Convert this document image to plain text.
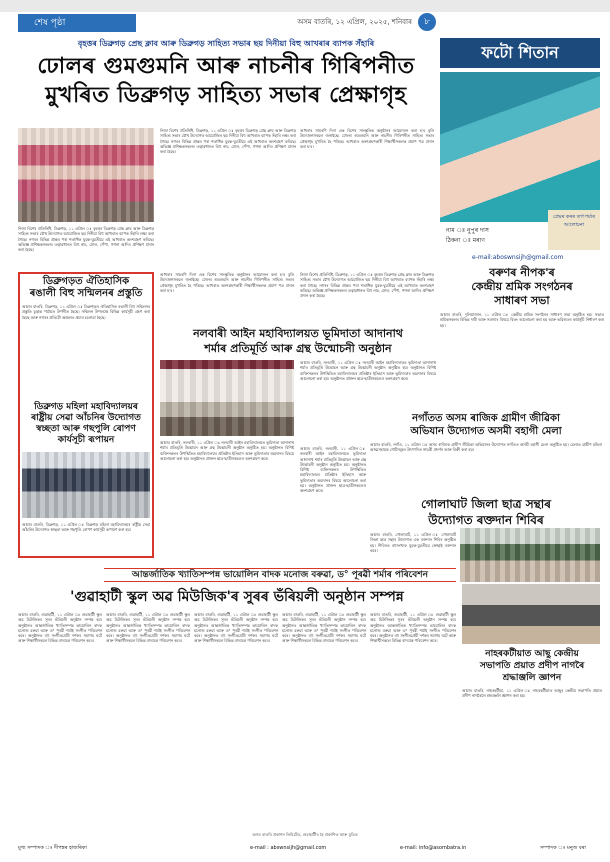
শেষ পৃষ্ঠা	অসম বাতৰি, ১২ এপ্ৰিল, ২০২৫, শনিবাৰ	৮
বৃহত্তৰ ডিব্ৰুগড় প্ৰেছ ক্লাব আৰু ডিব্ৰুগড় সাহিত্য সভাৰ ছয় দিনীয়া বিহু আখৰাৰ ব্যাপক সঁহাৰি
ঢোলৰ গুমগুমনি আৰু নাচনীৰ গিৰিপনীত
মুখৰিত ডিব্ৰুগড় সাহিত্য সভাৰ প্ৰেক্ষাগৃহ
নিজা বিশেষ প্ৰতিনিধি, ডিব্ৰুগড়, ১১ এপ্ৰিল ঃ বৃহত্তৰ ডিব্ৰুগড় প্ৰেছ ক্লাব আৰু ডিব্ৰুগড় সাহিত্য সভাৰ যৌথ উদ্যোগত আয়োজিত ছয় দিনীয়া বিহু আখৰাত ব্যাপক সঁহাৰি লক্ষ্য কৰা গৈছে। নগৰৰ বিভিন্ন প্ৰান্তৰ পৰা শতাধিক যুৱক-যুৱতীয়ে এই আখৰাত অংশগ্ৰহণ কৰিছে। অভিজ্ঞ প্ৰশিক্ষকসকলৰ তত্বাৱধানত বিহু নাচ, ঢোল, পেঁপা, গগনা আদিৰ প্ৰশিক্ষণ প্ৰদান কৰা হৈছে।
নিজা বিশেষ প্ৰতিনিধি, ডিব্ৰুগড়, ১১ এপ্ৰিল ঃ বৃহত্তৰ ডিব্ৰুগড় প্ৰেছ ক্লাব আৰু ডিব্ৰুগড় সাহিত্য সভাৰ যৌথ উদ্যোগত আয়োজিত ছয় দিনীয়া বিহু আখৰাত ব্যাপক সঁহাৰি লক্ষ্য কৰা গৈছে। নগৰৰ বিভিন্ন প্ৰান্তৰ পৰা শতাধিক যুৱক-যুৱতীয়ে এই আখৰাত অংশগ্ৰহণ কৰিছে। অভিজ্ঞ প্ৰশিক্ষকসকলৰ তত্বাৱধানত বিহু নাচ, ঢোল, পেঁপা, গগনা আদিৰ প্ৰশিক্ষণ প্ৰদান কৰা হৈছে।
আখৰাৰ সামৰণি দিনা এক বিশেষ সাংস্কৃতিক অনুষ্ঠানৰ আয়োজন কৰা হ'ব বুলি উদ্যোক্তাসকলে জনাইছে। ঢোলৰ গুমগুমনি আৰু নাচনীৰ গিৰিপনীত সাহিত্য সভাৰ প্ৰেক্ষাগৃহ মুখৰিত হৈ পৰিছে। আখৰাত অংশগ্ৰহণকাৰী শিক্ষাৰ্থীসকলক প্ৰমাণ পত্ৰ প্ৰদান কৰা হ'ব।
ডিব্ৰুগড়ত ঐতিহাসিক
ৰঙালী বিহু সন্মিলনৰ প্ৰস্তুতি
আমাৰ বাতৰি, ডিব্ৰুগড়, ১১ এপ্ৰিল ঃ ডিব্ৰুগড়ত ঐতিহাসিক ৰঙালী বিহু সন্মিলনৰ প্ৰস্তুতি চূড়ান্ত পৰ্যায়ত উপনীত হৈছে। সন্মিলন উপলক্ষে বিভিন্ন কাৰ্যসূচী গ্ৰহণ কৰা হৈছে আৰু নগৰৰ প্ৰতিটো অঞ্চলত প্ৰচাৰ চলোৱা হৈছে।
ডিব্ৰুগড় মহিলা মহাবিদ্যালয়ৰ
ৰাষ্ট্ৰীয় সেৱা আঁচনিৰ উদ্যোগত
স্বচ্ছতা আৰু গছপুলি ৰোপণ
কাৰ্যসূচী ৰূপায়ন
আমাৰ বাতৰি, ডিব্ৰুগড়, ১১ এপ্ৰিল ঃ ডিব্ৰুগড় মহিলা মহাবিদ্যালয়ৰ ৰাষ্ট্ৰীয় সেৱা আঁচনিৰ উদ্যোগত স্বচ্ছতা আৰু গছপুলি ৰোপণ কাৰ্যসূচী ৰূপায়ণ কৰা হয়।
আখৰাৰ সামৰণি দিনা এক বিশেষ সাংস্কৃতিক অনুষ্ঠানৰ আয়োজন কৰা হ'ব বুলি উদ্যোক্তাসকলে জনাইছে। ঢোলৰ গুমগুমনি আৰু নাচনীৰ গিৰিপনীত সাহিত্য সভাৰ প্ৰেক্ষাগৃহ মুখৰিত হৈ পৰিছে। আখৰাত অংশগ্ৰহণকাৰী শিক্ষাৰ্থীসকলক প্ৰমাণ পত্ৰ প্ৰদান কৰা হ'ব।
নিজা বিশেষ প্ৰতিনিধি, ডিব্ৰুগড়, ১১ এপ্ৰিল ঃ বৃহত্তৰ ডিব্ৰুগড় প্ৰেছ ক্লাব আৰু ডিব্ৰুগড় সাহিত্য সভাৰ যৌথ উদ্যোগত আয়োজিত ছয় দিনীয়া বিহু আখৰাত ব্যাপক সঁহাৰি লক্ষ্য কৰা গৈছে। নগৰৰ বিভিন্ন প্ৰান্তৰ পৰা শতাধিক যুৱক-যুৱতীয়ে এই আখৰাত অংশগ্ৰহণ কৰিছে। অভিজ্ঞ প্ৰশিক্ষকসকলৰ তত্বাৱধানত বিহু নাচ, ঢোল, পেঁপা, গগনা আদিৰ প্ৰশিক্ষণ প্ৰদান কৰা হৈছে।
নলবাৰী আইন মহাবিদ্যালয়ত ভূমিদাতা আদানাথ
শৰ্মাৰ প্ৰতিমূৰ্তি আৰু গ্ৰন্থ উন্মোচনী অনুষ্ঠান
আমাৰ বাতৰি, নলবাৰী, ১১ এপ্ৰিল ঃ নলবাৰী আইন মহাবিদ্যালয়ত ভূমিদাতা আদানাথ শৰ্মাৰ প্ৰতিমূৰ্তি উন্মোচন আৰু গ্ৰন্থ উন্মোচনী অনুষ্ঠান অনুষ্ঠিত হয়। অনুষ্ঠানত বিশিষ্ট ব্যক্তিসকলৰ উপস্থিতিত মহাবিদ্যালয়ৰ প্ৰতিষ্ঠাৰ ইতিহাস আৰু ভূমিদাতাৰ অৱদানৰ বিষয়ে আলোচনা কৰা হয়। অনুষ্ঠানত প্ৰাক্তন ছাত্ৰ-ছাত্ৰীসকলেও অংশগ্ৰহণ কৰে।
আমাৰ বাতৰি, নলবাৰী, ১১ এপ্ৰিল ঃ নলবাৰী আইন মহাবিদ্যালয়ত ভূমিদাতা আদানাথ শৰ্মাৰ প্ৰতিমূৰ্তি উন্মোচন আৰু গ্ৰন্থ উন্মোচনী অনুষ্ঠান অনুষ্ঠিত হয়। অনুষ্ঠানত বিশিষ্ট ব্যক্তিসকলৰ উপস্থিতিত মহাবিদ্যালয়ৰ প্ৰতিষ্ঠাৰ ইতিহাস আৰু ভূমিদাতাৰ অৱদানৰ বিষয়ে আলোচনা কৰা হয়। অনুষ্ঠানত প্ৰাক্তন ছাত্ৰ-ছাত্ৰীসকলেও অংশগ্ৰহণ কৰে।
আমাৰ বাতৰি, নলবাৰী, ১১ এপ্ৰিল ঃ নলবাৰী আইন মহাবিদ্যালয়ত ভূমিদাতা আদানাথ শৰ্মাৰ প্ৰতিমূৰ্তি উন্মোচন আৰু গ্ৰন্থ উন্মোচনী অনুষ্ঠান অনুষ্ঠিত হয়। অনুষ্ঠানত বিশিষ্ট ব্যক্তিসকলৰ উপস্থিতিত মহাবিদ্যালয়ৰ প্ৰতিষ্ঠাৰ ইতিহাস আৰু ভূমিদাতাৰ অৱদানৰ বিষয়ে আলোচনা কৰা হয়। অনুষ্ঠানত প্ৰাক্তন ছাত্ৰ-ছাত্ৰীসকলেও অংশগ্ৰহণ কৰে।
নগাঁতত অসম ৰাজিক গ্ৰামীণ জীৱিকা
অভিযান উদ্যোগত অসমী বহাগী মেলা
আমাৰ বাতৰি, নগাঁও, ১১ এপ্ৰিল ঃ অসম ৰাজ্যিক গ্ৰামীণ জীৱিকা অভিযানৰ উদ্যোগত নগাঁওত অসমী বহাগী মেলা অনুষ্ঠিত হয়। মেলাত গ্ৰামীণ মহিলা আত্মসহায়ক গোটসমূহৰ উৎপাদিত সামগ্ৰী প্ৰদৰ্শন আৰু বিক্ৰী কৰা হয়।
গোলাঘাট জিলা ছাত্ৰ সন্থাৰ
উদ্যোগত ৰক্তদান শিবিৰ
আমাৰ বাতৰি, গোলাঘাট, ১১ এপ্ৰিল ঃ গোলাঘাট জিলা ছাত্ৰ সন্থাৰ উদ্যোগত এক ৰক্তদান শিবিৰ অনুষ্ঠিত হয়। শিবিৰত বহুসংখ্যক যুৱক-যুৱতীয়ে স্বেচ্ছাই ৰক্তদান কৰে।
ফটো শিতান
নাম ঃ নুপুৰ দাস
ঠিকনা ঃ মৰাণ
প্ৰেমৰ কৰৰ তাৎপৰ্য্যৰ আলোচনা
e-mail:aboswnsijh@gmail.com
বৰুণৰ নীপক'ৰ
কেন্দ্ৰীয় শ্ৰমিক সংগঠনৰ
সাধাৰণ সভা
আমাৰ বাতৰি, দুলিয়াজান, ১১ এপ্ৰিল ঃ কেন্দ্ৰীয় শ্ৰমিক সংগঠনৰ সাধাৰণ সভা অনুষ্ঠিত হয়। সভাত শ্ৰমিকসকলৰ বিভিন্ন দাবী আৰু সমস্যাৰ বিষয়ে বিতং আলোচনা কৰা হয় আৰু ভৱিষ্যতৰ কাৰ্যসূচী নিৰ্ধাৰণ কৰা হয়।
নাহৰকটীয়াত আছু কেন্দ্ৰীয়
সভাপতি প্ৰয়াত প্ৰদীপ নাগৰৈ
শ্ৰদ্ধাঞ্জলি জ্ঞাপন
আমাৰ বাতৰি, নাহৰকটীয়া, ১১ এপ্ৰিল ঃ নাহৰকটীয়াত আছুৰ কেন্দ্ৰীয় সভাপতি প্ৰয়াত প্ৰদীপ নাগৰৈলৈ শ্ৰদ্ধাঞ্জলি জ্ঞাপন কৰা হয়।
আন্তৰ্জাতিক খ্যাতিসম্পন্ন ভায়োলিন বাদক মনোজ বৰুৱা, ড° পূৰৱী শৰ্মাৰ পৰিবেশন
'গুৱাহাটী স্কুল অৱ মিউজিক'ৰ সুৰৰ ভঁৰিয়লী অনুষ্ঠান সম্পন্ন
আমাৰ বাতৰি, গুৱাহাটী, ১১ এপ্ৰিল ঃ গুৱাহাটী স্কুল অৱ মিউজিকৰ সুৰৰ ভঁৰিয়লী অনুষ্ঠান সম্পন্ন হয়। অনুষ্ঠানত আন্তৰ্জাতিক খ্যাতিসম্পন্ন ভায়োলিন বাদক মনোজ বৰুৱা আৰু ড° পূৰৱী শৰ্মাই সংগীত পৰিবেশন কৰে। অনুষ্ঠানত বহু সংগীতপ্ৰেমী দৰ্শকৰ সমাগম ঘটে আৰু শিক্ষাৰ্থীসকলে বিভিন্ন বাদ্যযন্ত্ৰ পৰিবেশন কৰে।
আমাৰ বাতৰি, গুৱাহাটী, ১১ এপ্ৰিল ঃ গুৱাহাটী স্কুল অৱ মিউজিকৰ সুৰৰ ভঁৰিয়লী অনুষ্ঠান সম্পন্ন হয়। অনুষ্ঠানত আন্তৰ্জাতিক খ্যাতিসম্পন্ন ভায়োলিন বাদক মনোজ বৰুৱা আৰু ড° পূৰৱী শৰ্মাই সংগীত পৰিবেশন কৰে। অনুষ্ঠানত বহু সংগীতপ্ৰেমী দৰ্শকৰ সমাগম ঘটে আৰু শিক্ষাৰ্থীসকলে বিভিন্ন বাদ্যযন্ত্ৰ পৰিবেশন কৰে।
আমাৰ বাতৰি, গুৱাহাটী, ১১ এপ্ৰিল ঃ গুৱাহাটী স্কুল অৱ মিউজিকৰ সুৰৰ ভঁৰিয়লী অনুষ্ঠান সম্পন্ন হয়। অনুষ্ঠানত আন্তৰ্জাতিক খ্যাতিসম্পন্ন ভায়োলিন বাদক মনোজ বৰুৱা আৰু ড° পূৰৱী শৰ্মাই সংগীত পৰিবেশন কৰে। অনুষ্ঠানত বহু সংগীতপ্ৰেমী দৰ্শকৰ সমাগম ঘটে আৰু শিক্ষাৰ্থীসকলে বিভিন্ন বাদ্যযন্ত্ৰ পৰিবেশন কৰে।
আমাৰ বাতৰি, গুৱাহাটী, ১১ এপ্ৰিল ঃ গুৱাহাটী স্কুল অৱ মিউজিকৰ সুৰৰ ভঁৰিয়লী অনুষ্ঠান সম্পন্ন হয়। অনুষ্ঠানত আন্তৰ্জাতিক খ্যাতিসম্পন্ন ভায়োলিন বাদক মনোজ বৰুৱা আৰু ড° পূৰৱী শৰ্মাই সংগীত পৰিবেশন কৰে। অনুষ্ঠানত বহু সংগীতপ্ৰেমী দৰ্শকৰ সমাগম ঘটে আৰু শিক্ষাৰ্থীসকলে বিভিন্ন বাদ্যযন্ত্ৰ পৰিবেশন কৰে।
আমাৰ বাতৰি, গুৱাহাটী, ১১ এপ্ৰিল ঃ গুৱাহাটী স্কুল অৱ মিউজিকৰ সুৰৰ ভঁৰিয়লী অনুষ্ঠান সম্পন্ন হয়। অনুষ্ঠানত আন্তৰ্জাতিক খ্যাতিসম্পন্ন ভায়োলিন বাদক মনোজ বৰুৱা আৰু ড° পূৰৱী শৰ্মাই সংগীত পৰিবেশন কৰে। অনুষ্ঠানত বহু সংগীতপ্ৰেমী দৰ্শকৰ সমাগম ঘটে আৰু শিক্ষাৰ্থীসকলে বিভিন্ন বাদ্যযন্ত্ৰ পৰিবেশন কৰে।
অসম বাতৰি প্ৰকাশন লিমিটেড, গুৱাহাটীৰ হৈ প্ৰকাশিত আৰু মুদ্ৰিত
মুখ্য সম্পাদক ঃ দীপঙ্কৰ হাজৰিকা	e-mail : abswnsijh@gmail.com	e-mail: info@asombatra.in	সম্পাদক ঃ মনুজ বৰা
